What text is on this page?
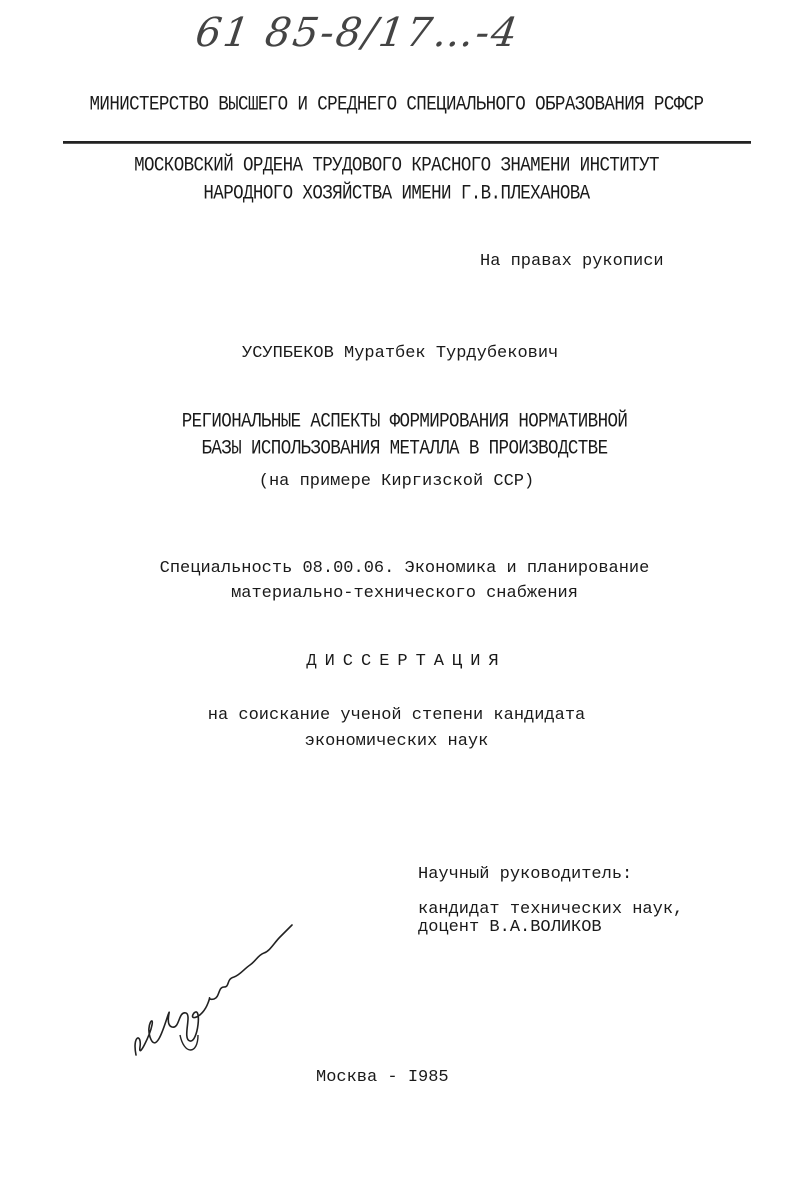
61 85-8/17…-4
МИНИСТЕРСТВО ВЫСШЕГО И СРЕДНЕГО СПЕЦИАЛЬНОГО ОБРАЗОВАНИЯ РСФСР
МОСКОВСКИЙ ОРДЕНА ТРУДОВОГО КРАСНОГО ЗНАМЕНИ ИНСТИТУТ
НАРОДНОГО ХОЗЯЙСТВА ИМЕНИ Г.В.ПЛЕХАНОВА
На правах рукописи
УСУПБЕКОВ Муратбек Турдубекович
РЕГИОНАЛЬНЫЕ АСПЕКТЫ ФОРМИРОВАНИЯ НОРМАТИВНОЙ
БАЗЫ ИСПОЛЬЗОВАНИЯ МЕТАЛЛА В ПРОИЗВОДСТВЕ
(на примере Киргизской ССР)
Специальность 08.00.06. Экономика и планирование
материально-технического снабжения
ДИССЕРТАЦИЯ
на соискание ученой степени кандидата
экономических наук
Научный руководитель:
кандидат технических наук,
доцент В.А.ВОЛИКОВ
Москва - I985
